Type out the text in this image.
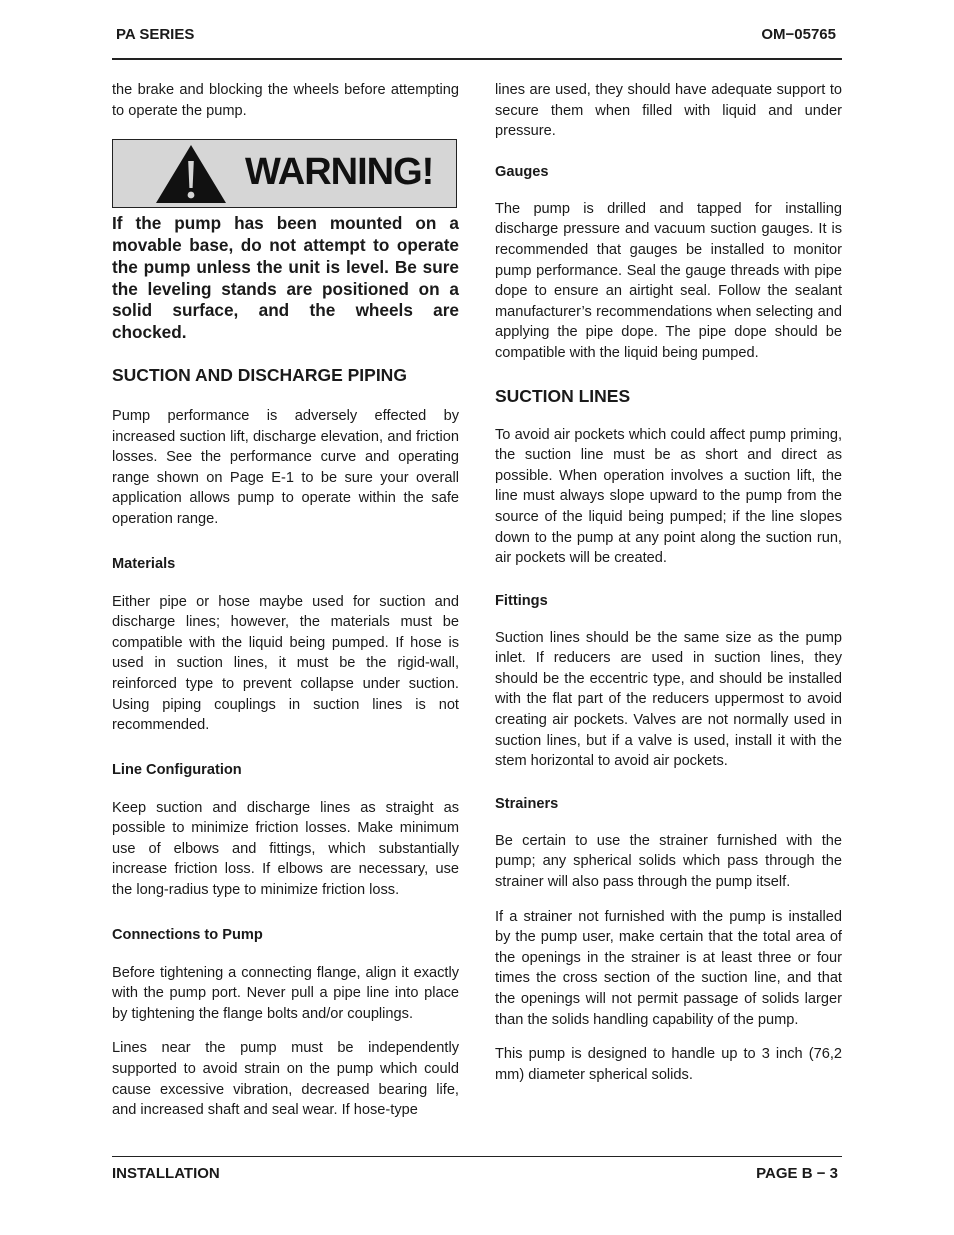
PA SERIES	OM−05765

the brake and blocking the wheels before attempting to operate the pump.

WARNING!

If the pump has been mounted on a movable base, do not attempt to operate the pump unless the unit is level. Be sure the leveling stands are positioned on a solid surface, and the wheels are chocked.

SUCTION AND DISCHARGE PIPING

Pump performance is adversely effected by increased suction lift, discharge elevation, and friction losses. See the performance curve and operating range shown on Page E-1 to be sure your overall application allows pump to operate within the safe operation range.

Materials

Either pipe or hose maybe used for suction and discharge lines; however, the materials must be compatible with the liquid being pumped. If hose is used in suction lines, it must be the rigid-wall, reinforced type to prevent collapse under suction. Using piping couplings in suction lines is not recommended.

Line Configuration

Keep suction and discharge lines as straight as possible to minimize friction losses. Make minimum use of elbows and fittings, which substantially increase friction loss. If elbows are necessary, use the long-radius type to minimize friction loss.

Connections to Pump

Before tightening a connecting flange, align it exactly with the pump port. Never pull a pipe line into place by tightening the flange bolts and/or couplings.

Lines near the pump must be independently supported to avoid strain on the pump which could cause excessive vibration, decreased bearing life, and increased shaft and seal wear. If hose-type

lines are used, they should have adequate support to secure them when filled with liquid and under pressure.

Gauges

The pump is drilled and tapped for installing discharge pressure and vacuum suction gauges. It is recommended that gauges be installed to monitor pump performance. Seal the gauge threads with pipe dope to ensure an airtight seal. Follow the sealant manufacturer’s recommendations when selecting and applying the pipe dope. The pipe dope should be compatible with the liquid being pumped.

SUCTION LINES

To avoid air pockets which could affect pump priming, the suction line must be as short and direct as possible. When operation involves a suction lift, the line must always slope upward to the pump from the source of the liquid being pumped; if the line slopes down to the pump at any point along the suction run, air pockets will be created.

Fittings

Suction lines should be the same size as the pump inlet. If reducers are used in suction lines, they should be the eccentric type, and should be installed with the flat part of the reducers uppermost to avoid creating air pockets. Valves are not normally used in suction lines, but if a valve is used, install it with the stem horizontal to avoid air pockets.

Strainers

Be certain to use the strainer furnished with the pump; any spherical solids which pass through the strainer will also pass through the pump itself.

If a strainer not furnished with the pump is installed by the pump user, make certain that the total area of the openings in the strainer is at least three or four times the cross section of the suction line, and that the openings will not permit passage of solids larger than the solids handling capability of the pump.

This pump is designed to handle up to 3 inch (76,2 mm) diameter spherical solids.

INSTALLATION	PAGE B − 3
